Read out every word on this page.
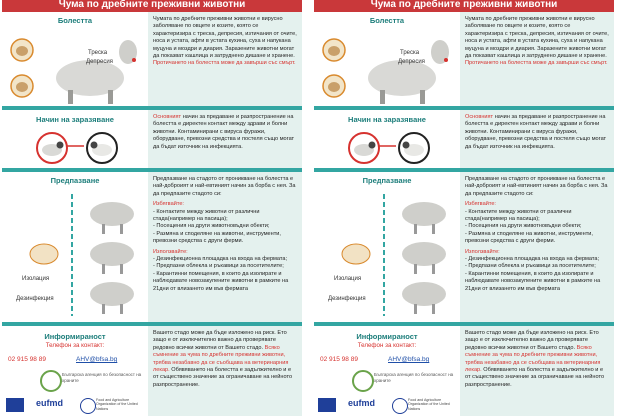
Чума по дребните преживни животни
Болестта
Треска
Депресия
Чумата по дребните преживни животни е вирусно заболяване по овцете и козите, която се характеризира с треска, депресия, изтичания от очите, носа и устата, афти в устата кухина, суха и напукана муцуна и моздри и диария. Заразените животни могат да показват кашлица и затруднено дишане и хранене. Протичането на болестта може да завърши със смърт.
Начин на заразяване	Основният начин за предаване и разпространение на болестта е директен контакт между здрави и болни животни. Контаминирани с вируса фуражи, оборудване, превозни средства и постеля също могат да бъдат източник на инфекцията.
Предпазване
Изолация
Дезинфекция
Предпазване на стадото от проникване на болестта е най-доброият и най-евтиният начин за борба с нея. За да предпазите стадото си:
Избягвайте:
- Контактите между животни от различни стада(например на пасища);
- Посещения на други животновъдни обекти;
- Размяна и споделяне на животни, инструменти, превозни средства с други ферми.
Използвайте:
- Дезинфекционна площадка на входа на фермата;
- Предпазни облекла и ръкавици за посетителите;
- Карантинни помещения, в които да изолирате и наблюдавате новозакупените животни в рамките на 21дни от влизането им във фермата
Информираност
Телефон за контакт:
02 915 98 89	AHV@bfsa.bg
Българска агенция по безопасност на храните
eufmd	Food and Agriculture Organization of the United Nations
Вашето стадо може да бъде изложено на риск. Ето защо е от изключително важно да проверявате редовно всички животни от Вашето стадо. Всяко съмнение за чума по дребните преживни животни, трябва незабавно да се съобщава на ветеринарния лекар. Обявяването на болестта е задължително и е от съществено значение за ограничаване на нейното разпространение.
Чума по дребните преживни животни
Болестта
Треска
Депресия
Чумата по дребните преживни животни е вирусно заболяване по овцете и козите, която се характеризира с треска, депресия, изтичания от очите, носа и устата, афти в устата кухина, суха и напукана муцуна и моздри и диария. Заразените животни могат да показват кашлица и затруднено дишане и хранене. Протичането на болестта може да завърши със смърт.
Начин на заразяване	Основният начин за предаване и разпространение на болестта е директен контакт между здрави и болни животни. Контаминирани с вируса фуражи, оборудване, превозни средства и постеля също могат да бъдат източник на инфекцията.
Предпазване
Изолация
Дезинфекция
Предпазване на стадото от проникване на болестта е най-доброият и най-евтиният начин за борба с нея. За да предпазите стадото си:
Избягвайте:
- Контактите между животни от различни стада(например на пасища);
- Посещения на други животновъдни обекти;
- Размяна и споделяне на животни, инструменти, превозни средства с други ферми.
Използвайте:
- Дезинфекционна площадка на входа на фермата;
- Предпазни облекла и ръкавици за посетителите;
- Карантинни помещения, в които да изолирате и наблюдавате новозакупените животни в рамките на 21дни от влизането им във фермата
Информираност
Телефон за контакт:
02 915 98 89	AHV@bfsa.bg
Българска агенция по безопасност на храните
eufmd	Food and Agriculture Organization of the United Nations
Вашето стадо може да бъде изложено на риск. Ето защо е от изключително важно да проверявате редовно всички животни от Вашето стадо. Всяко съмнение за чума по дребните преживни животни, трябва незабавно да се съобщава на ветеринарния лекар. Обявяването на болестта е задължително и е от съществено значение за ограничаване на нейното разпространение.
